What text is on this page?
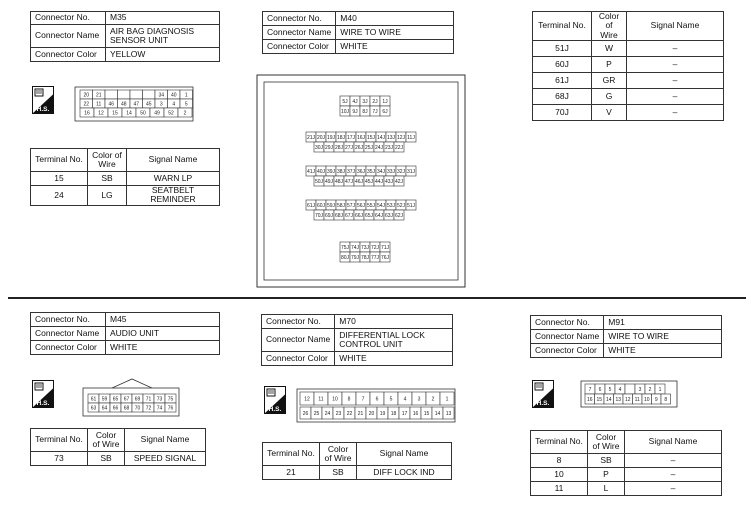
Connector No.	M35
Connector Name	AIR BAG DIAGNOSIS SENSOR UNIT
Connector Color	YELLOW
H.S.
20 21	34 40 1
22 11 46 48 47 45 3 4 5
16 12 15 14 50 49 52 2
Terminal No.	Color of Wire	Signal Name
15	SB	WARN LP
24	LG	SEATBELT REMINDER
Connector No.	M40
Connector Name	WIRE TO WIRE
Connector Color	WHITE
5J 4J 3J 2J 1J
10J 9J 8J 7J 6J
21J 20J 19J 18J 17J 16J 15J 14J 13J 12J 11J
30J 29J 28J 27J 26J 25J 24J 23J 22J
41J 40J 39J 38J 37J 36J 35J 34J 33J 32J 31J
50J 49J 48J 47J 46J 45J 44J 43J 42J
61J 60J 59J 58J 57J 56J 55J 54J 53J 52J 51J
70J 69J 68J 67J 66J 65J 64J 63J 62J
75J 74J 73J 72J 71J
80J 79J 78J 77J 76J
Terminal No.	Color of Wire	Signal Name
51J	W	–
60J	P	–
61J	GR	–
68J	G	–
70J	V	–
Connector No.	M45
Connector Name	AUDIO UNIT
Connector Color	WHITE
H.S.
61 59 65 67 69 71 73 75
63 64 66 68 70 72 74 76
Terminal No.	Color of Wire	Signal Name
73	SB	SPEED SIGNAL
Connector No.	M70
Connector Name	DIFFERENTIAL LOCK CONTROL UNIT
Connector Color	WHITE
H.S.
12 11 10 8 7 6 5 4 3 2 1
26 25 24 23 22 21 20 19 18 17 16 15 14 13
Terminal No.	Color of Wire	Signal Name
21	SB	DIFF LOCK IND
Connector No.	M91
Connector Name	WIRE TO WIRE
Connector Color	WHITE
H.S.
7 6 5 4	3 2 1
16 15 14 13 12 11 10 9 8
Terminal No.	Color of Wire	Signal Name
8	SB	–
10	P	–
11	L	–
